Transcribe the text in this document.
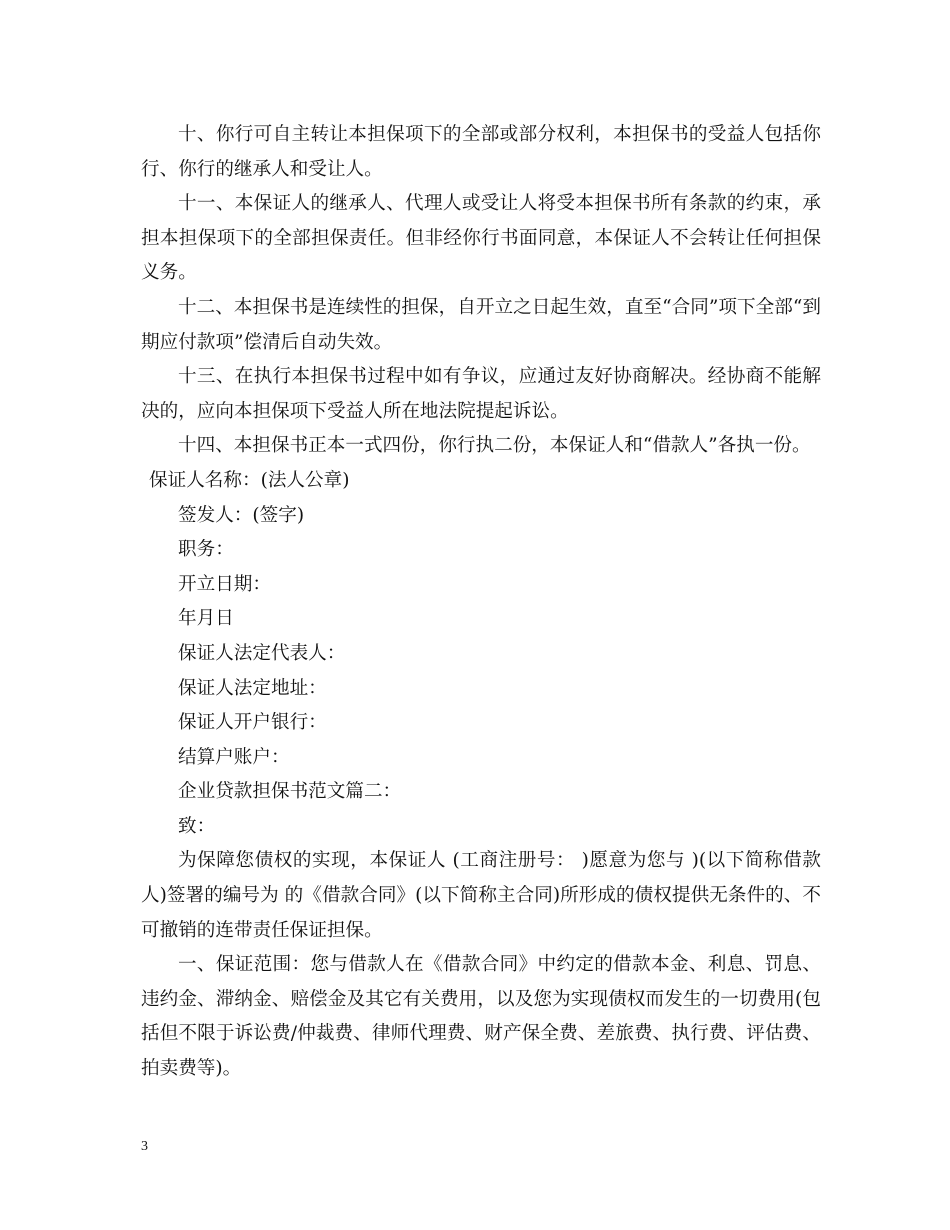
十、你行可自主转让本担保项下的全部或部分权利，本担保书的受益人包括你行、你行的继承人和受让人。

十一、本保证人的继承人、代理人或受让人将受本担保书所有条款的约束，承担本担保项下的全部担保责任。但非经你行书面同意，本保证人不会转让任何担保义务。

十二、本担保书是连续性的担保，自开立之日起生效，直至“合同”项下全部“到期应付款项”偿清后自动失效。

十三、在执行本担保书过程中如有争议，应通过友好协商解决。经协商不能解决的，应向本担保项下受益人所在地法院提起诉讼。

十四、本担保书正本一式四份，你行执二份，本保证人和“借款人”各执一份。

保证人名称：(法人公章)

签发人：(签字)

职务：

开立日期：

年月日

保证人法定代表人：

保证人法定地址：

保证人开户银行：

结算户账户：

企业贷款担保书范文篇二：

致：

为保障您债权的实现，本保证人 (工商注册号： )愿意为您与 )(以下简称借款人)签署的编号为 的《借款合同》(以下简称主合同)所形成的债权提供无条件的、不可撤销的连带责任保证担保。

一、保证范围：您与借款人在《借款合同》中约定的借款本金、利息、罚息、违约金、滞纳金、赔偿金及其它有关费用，以及您为实现债权而发生的一切费用(包括但不限于诉讼费/仲裁费、律师代理费、财产保全费、差旅费、执行费、评估费、拍卖费等)。

3
